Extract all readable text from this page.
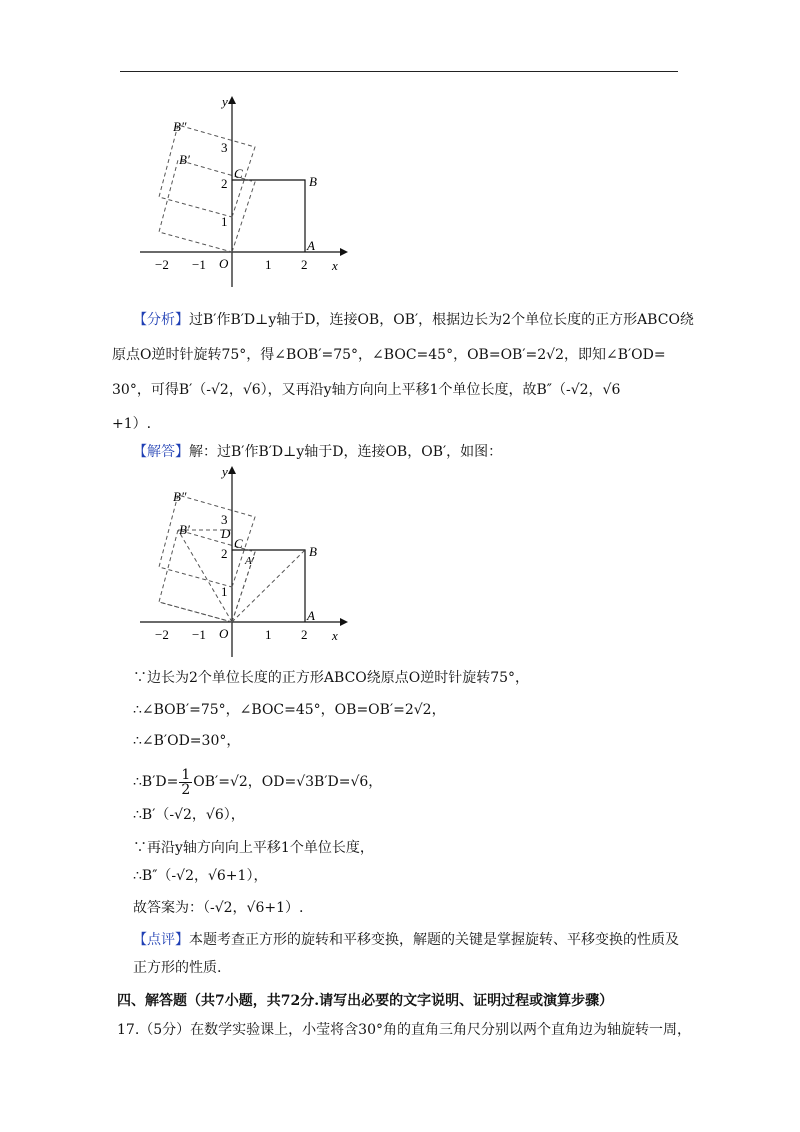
y
x
O
−2 −1	1 2
1
2
3
A
B
C
B′
B″
【分析】过B′作B′D⊥y轴于D，连接OB，OB′，根据边长为2个单位长度的正方形ABCO绕
原点O逆时针旋转75°，得∠BOB′=75°，∠BOC=45°，OB=OB′=2√2，即知∠B′OD=
30°，可得B′（-√2，√6），又再沿y轴方向向上平移1个单位长度，故B″（-√2，√6
+1）.
【解答】解：过B′作B′D⊥y轴于D，连接OB，OB′，如图：
y
x
O
−2 −1	1 2
1
2
3
A
B
C
D
A′
B′
B″
∵边长为2个单位长度的正方形ABCO绕原点O逆时针旋转75°，
∴∠BOB′=75°，∠BOC=45°，OB=OB′=2√2，
∴∠B′OD=30°，
∴B′D= $\frac{1}{2} OB'=√2$，OD=√3B′D=√6，
∴B′（-√2，√6），
∵再沿y轴方向向上平移1个单位长度，
∴B″（-√2，√6+1），
故答案为：（-√2，√6+1）.
【点评】本题考查正方形的旋转和平移变换，解题的关键是掌握旋转、平移变换的性质及
正方形的性质.
四、解答题（共7小题，共72分.请写出必要的文字说明、证明过程或演算步骤）
17.（5分）在数学实验课上，小莹将含30°角的直角三角尺分别以两个直角边为轴旋转一周，
